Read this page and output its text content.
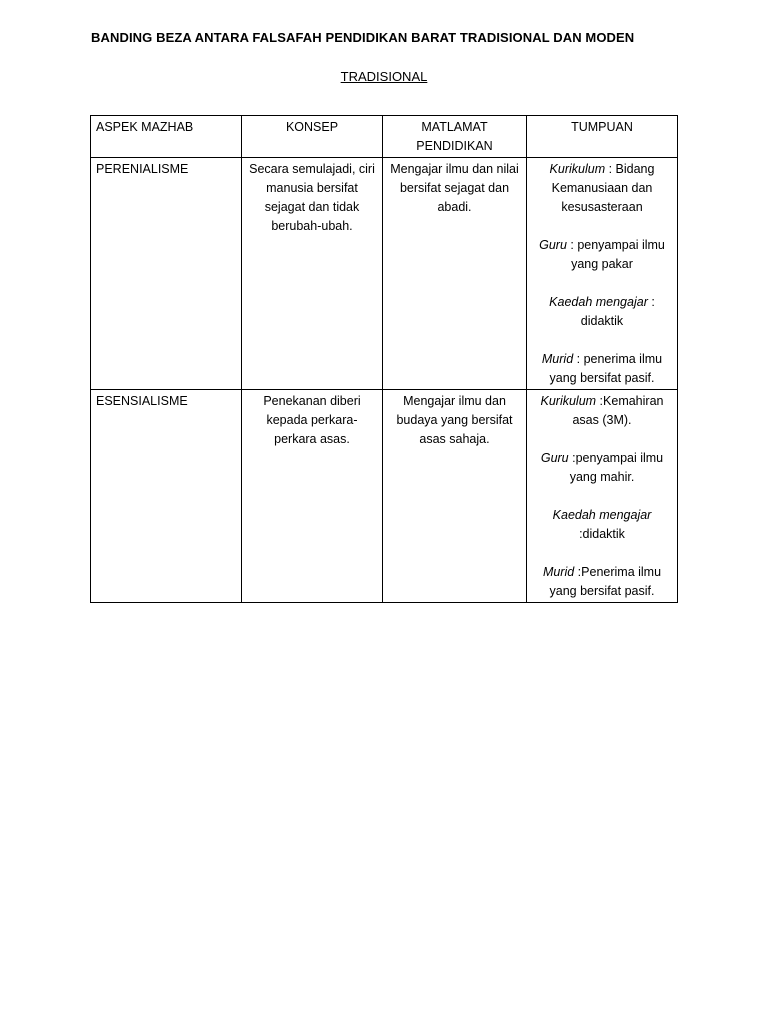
BANDING BEZA ANTARA FALSAFAH PENDIDIKAN BARAT TRADISIONAL DAN MODEN
TRADISIONAL
ASPEK MAZHAB	KONSEP	MATLAMAT PENDIDIKAN	TUMPUAN
PERENIALISME	Secara semulajadi, ciri manusia bersifat sejagat dan tidak berubah-ubah.	Mengajar ilmu dan nilai bersifat sejagat dan abadi.	Kurikulum : Bidang Kemanusiaan dan kesusasteraan
Guru : penyampai ilmu yang pakar
Kaedah mengajar : didaktik
Murid : penerima ilmu yang bersifat pasif.

ESENSIALISME	Penekanan diberi kepada perkara-perkara asas.	Mengajar ilmu dan budaya yang bersifat asas sahaja.	Kurikulum :Kemahiran asas (3M).
Guru :penyampai ilmu yang mahir.
Kaedah mengajar :didaktik
Murid :Penerima ilmu yang bersifat pasif.
